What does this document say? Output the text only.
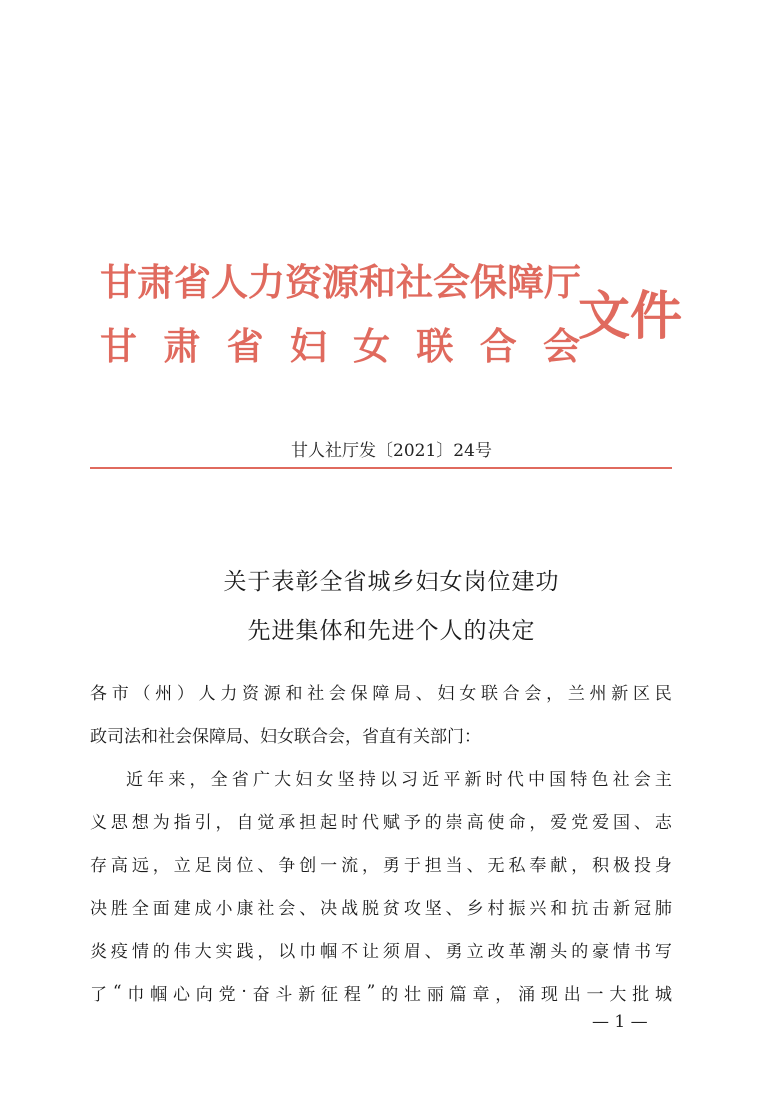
甘肃省人力资源和社会保障厅
甘 肃 省 妇 女 联 合 会
文件
甘人社厅发〔2021〕24号
关于表彰全省城乡妇女岗位建功
先进集体和先进个人的决定
各 市 （ 州 ） 人 力 资 源 和 社 会 保 障 局 、 妇 女 联 合 会 ， 兰 州 新 区 民
政 司 法 和 社 会 保 障 局 、 妇 女 联 合 会 ， 省 直 有 关 部 门 ：
近 年 来 ， 全 省 广 大 妇 女 坚 持 以 习 近 平 新 时 代 中 国 特 色 社 会 主
义 思 想 为 指 引 ， 自 觉 承 担 起 时 代 赋 予 的 崇 高 使 命 ， 爱 党 爱 国 、 志
存 高 远 ， 立 足 岗 位 、 争 创 一 流 ， 勇 于 担 当 、 无 私 奉 献 ， 积 极 投 身
决 胜 全 面 建 成 小 康 社 会 、 决 战 脱 贫 攻 坚 、 乡 村 振 兴 和 抗 击 新 冠 肺
炎 疫 情 的 伟 大 实 践 ， 以 巾 帼 不 让 须 眉 、 勇 立 改 革 潮 头 的 豪 情 书 写
了 “ 巾 帼 心 向 党 · 奋 斗 新 征 程 ” 的 壮 丽 篇 章 ， 涌 现 出 一 大 批 城
— 1 —
